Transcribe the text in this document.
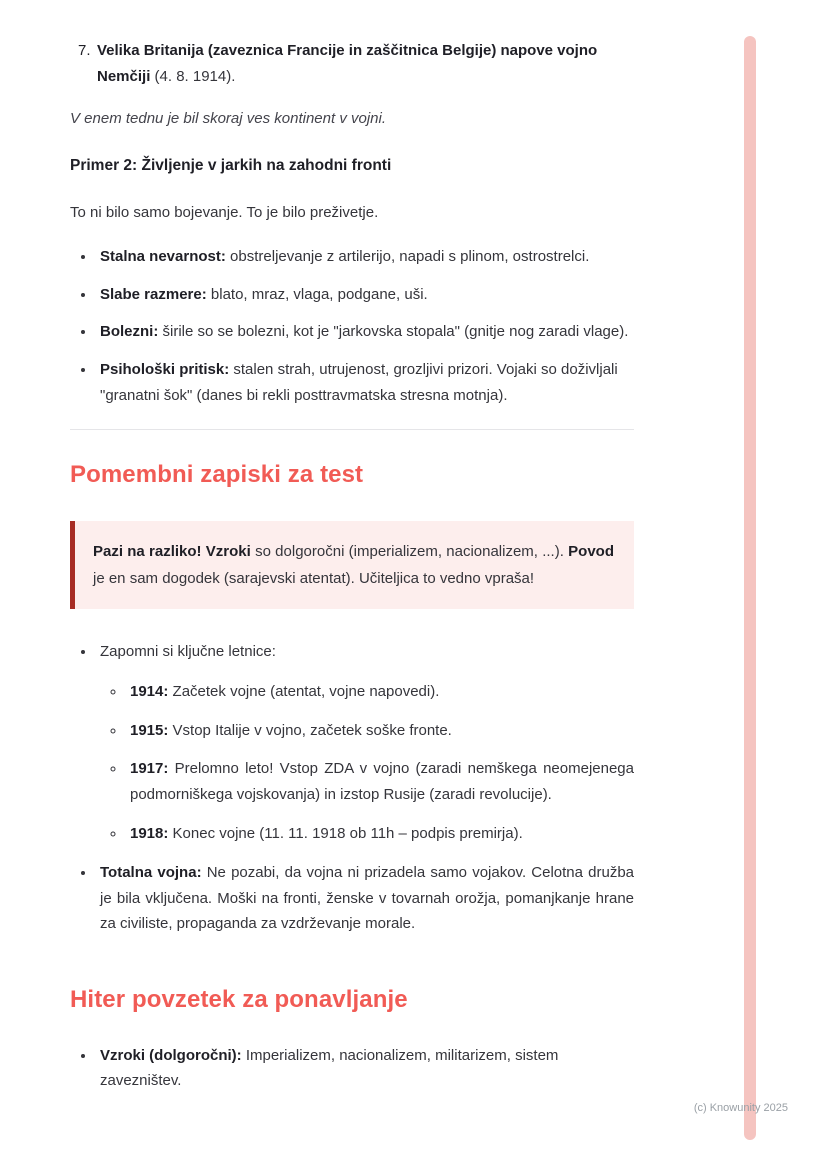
7. Velika Britanija (zaveznica Francije in zaščitnica Belgije) napove vojno Nemčiji (4. 8. 1914).

V enem tednu je bil skoraj ves kontinent v vojni.

Primer 2: Življenje v jarkih na zahodni fronti

To ni bilo samo bojevanje. To je bilo preživetje.

• Stalna nevarnost: obstreljevanje z artilerijo, napadi s plinom, ostrostrelci.
• Slabe razmere: blato, mraz, vlaga, podgane, uši.
• Bolezni: širile so se bolezni, kot je "jarkovska stopala" (gnitje nog zaradi vlage).
• Psihološki pritisk: stalen strah, utrujenost, grozljivi prizori. Vojaki so doživljali "granatni šok" (danes bi rekli posttravmatska stresna motnja).
Pomembni zapiski za test

Pazi na razliko! Vzroki so dolgoročni (imperializem, nacionalizem, ...). Povod je en sam dogodek (sarajevski atentat). Učiteljica to vedno vpraša!

• Zapomni si ključne letnice:
◦ 1914: Začetek vojne (atentat, vojne napovedi).
◦ 1915: Vstop Italije v vojno, začetek soške fronte.
◦ 1917: Prelomno leto! Vstop ZDA v vojno (zaradi nemškega neomejenega podmorniškega vojskovanja) in izstop Rusije (zaradi revolucije).
◦ 1918: Konec vojne (11. 11. 1918 ob 11h – podpis premirja).
• Totalna vojna: Ne pozabi, da vojna ni prizadela samo vojakov. Celotna družba je bila vključena. Moški na fronti, ženske v tovarnah orožja, pomanjkanje hrane za civiliste, propaganda za vzdrževanje morale.
Hiter povzetek za ponavljanje
• Vzroki (dolgoročni): Imperializem, nacionalizem, militarizem, sistem zavezništev.
(c) Knowunity 2025
